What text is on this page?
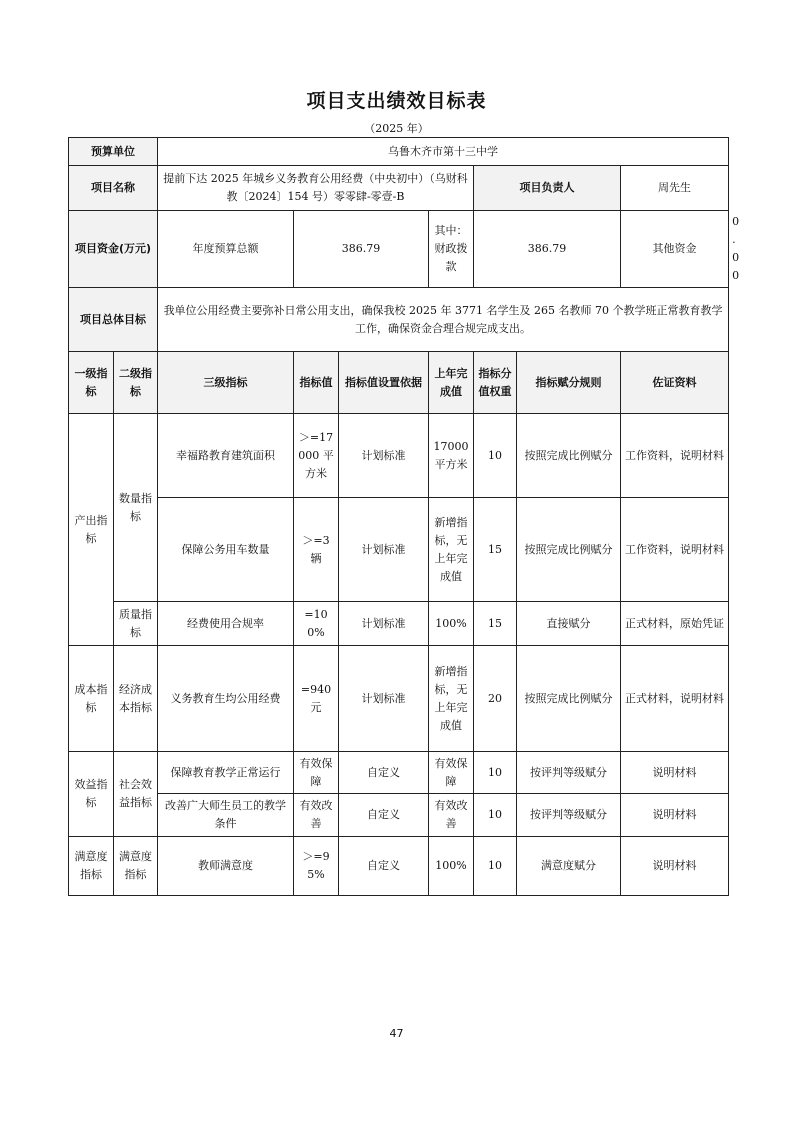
项目支出绩效目标表
（2025 年）
预算单位		乌鲁木齐市第十三中学							
项目名称		提前下达 2025 年城乡义务教育公用经费（中央初中）（乌财科教〔2024〕154 号）零零肆-零壹-B				项目负责人		周先生	
项目资金(万元)		年度预算总额	386.79		其中：财政拨款	386.79		其他资金	0.00
项目总体目标		我单位公用经费主要弥补日常公用支出，确保我校 2025 年 3771 名学生及 265 名教师 70 个教学班正常教育教学工作，确保资金合理合规完成支出。							
一级指标	二级指标	三级指标	指标值	指标值设置依据	上年完成值	指标分值权重	指标赋分规则	佐证资料	
产出指标	数量指标	幸福路教育建筑面积	＞=17000 平方米	计划标准	17000 平方米	10	按照完成比例赋分	工作资料，说明材料	
		保障公务用车数量	＞=3 辆	计划标准	新增指标，无上年完成值	15	按照完成比例赋分	工作资料，说明材料	
	质量指标	经费使用合规率	=100%	计划标准	100%	15	直接赋分	正式材料，原始凭证	
成本指标	经济成本指标	义务教育生均公用经费	=940 元	计划标准	新增指标，无上年完成值	20	按照完成比例赋分	正式材料，说明材料	
效益指标	社会效益指标	保障教育教学正常运行	有效保障	自定义	有效保障	10	按评判等级赋分	说明材料	
		改善广大师生员工的教学条件	有效改善	自定义	有效改善	10	按评判等级赋分	说明材料	
满意度指标	满意度指标	教师满意度	＞=95%	自定义	100%	10	满意度赋分	说明材料	
47
